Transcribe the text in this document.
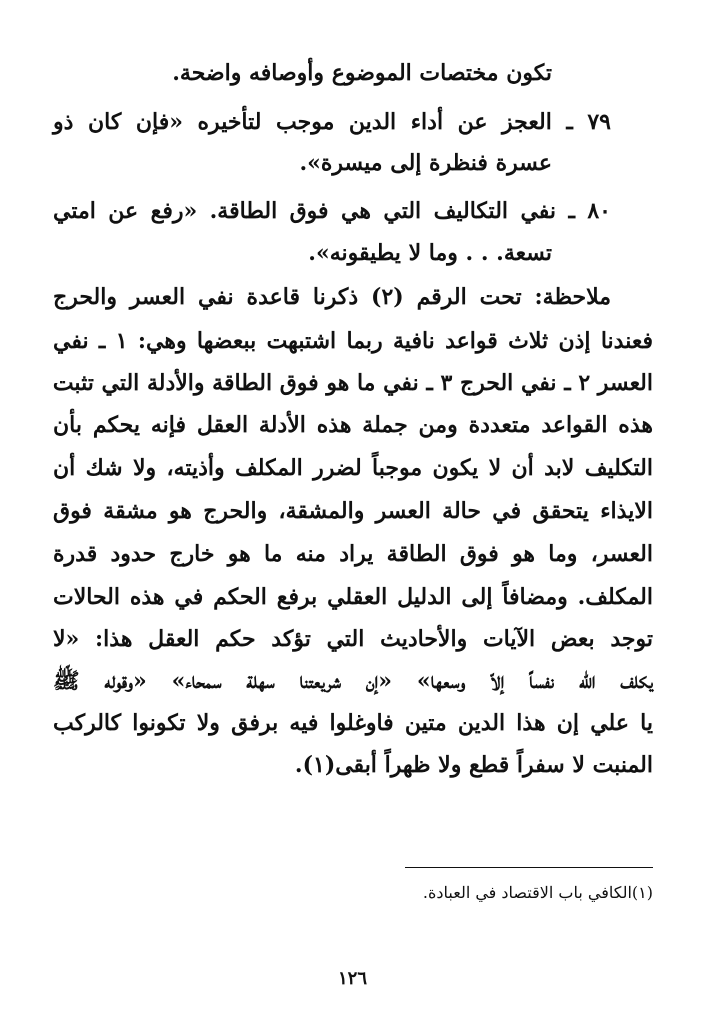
تكون مختصات الموضوع وأوصافه واضحة.
٧٩ ـ العجز عن أداء الدين موجب لتأخيره «فإن كان ذو
عسرة فنظرة إلى ميسرة».
٨٠ ـ نفي التكاليف التي هي فوق الطاقة. «رفع عن امتي
تسعة. . . وما لا يطيقونه».
ملاحظة: تحت الرقم (٢) ذكرنا قاعدة نفي العسر والحرج
فعندنا إذن ثلاث قواعد نافية ربما اشتبهت ببعضها وهي: ١ ـ نفي
العسر ٢ ـ نفي الحرج ٣ ـ نفي ما هو فوق الطاقة والأدلة التي تثبت
هذه القواعد متعددة ومن جملة هذه الأدلة العقل فإنه يحكم بأن
التكليف لابد أن لا يكون موجباً لضرر المكلف وأذيته، ولا شك أن
الايذاء يتحقق في حالة العسر والمشقة، والحرج هو مشقة فوق
العسر، وما هو فوق الطاقة يراد منه ما هو خارج حدود قدرة
المكلف. ومضافاً إلى الدليل العقلي برفع الحكم في هذه الحالات
توجد بعض الآيات والأحاديث التي تؤكد حكم العقل هذا: «لا
يكلف الله نفساً إلاّ وسعها» «إن شريعتنا سهلة سمحاء» «وقوله ﷺ
يا علي إن هذا الدين متين فاوغلوا فيه برفق ولا تكونوا كالركب
المنبت لا سفراً قطع ولا ظهراً أبقى(١).
(١)الكافي باب الاقتصاد في العبادة.
١٢٦
